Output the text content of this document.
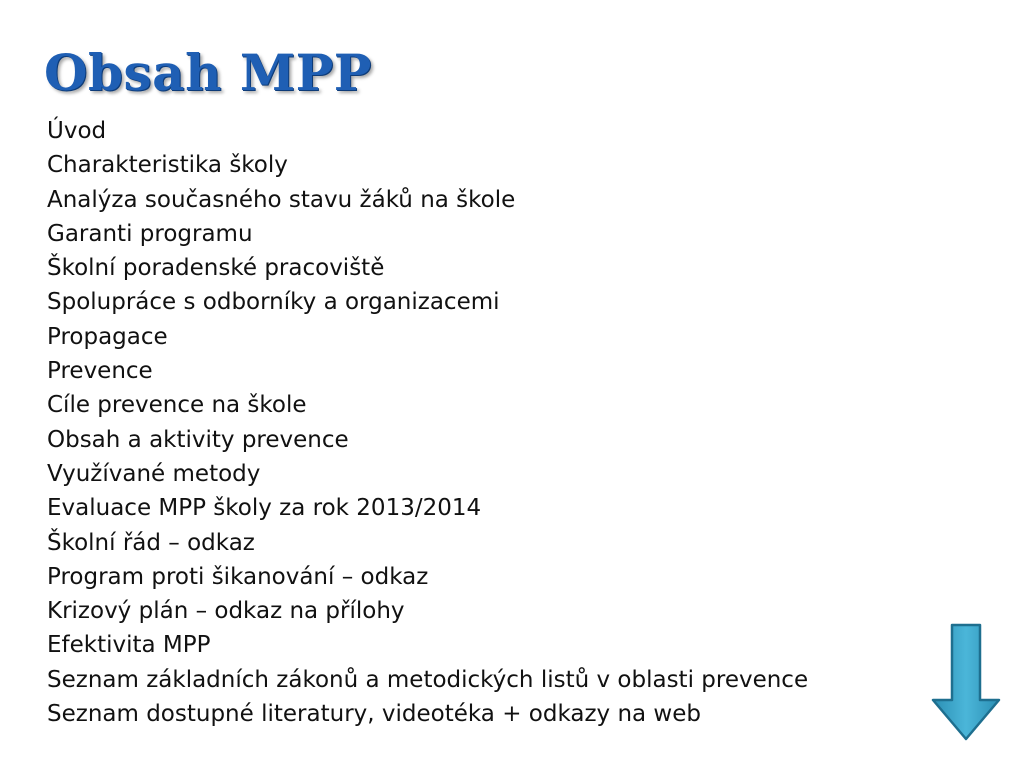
Obsah MPP
Úvod
Charakteristika školy
Analýza současného stavu žáků na škole
Garanti programu
Školní poradenské pracoviště
Spolupráce s odborníky a organizacemi
Propagace
Prevence
Cíle prevence na škole
Obsah a aktivity prevence
Využívané metody
Evaluace MPP školy za rok 2013/2014
Školní řád – odkaz
Program proti šikanování – odkaz
Krizový plán – odkaz na přílohy
Efektivita MPP
Seznam základních zákonů a metodických listů v oblasti prevence
Seznam dostupné literatury, videotéka + odkazy na web
